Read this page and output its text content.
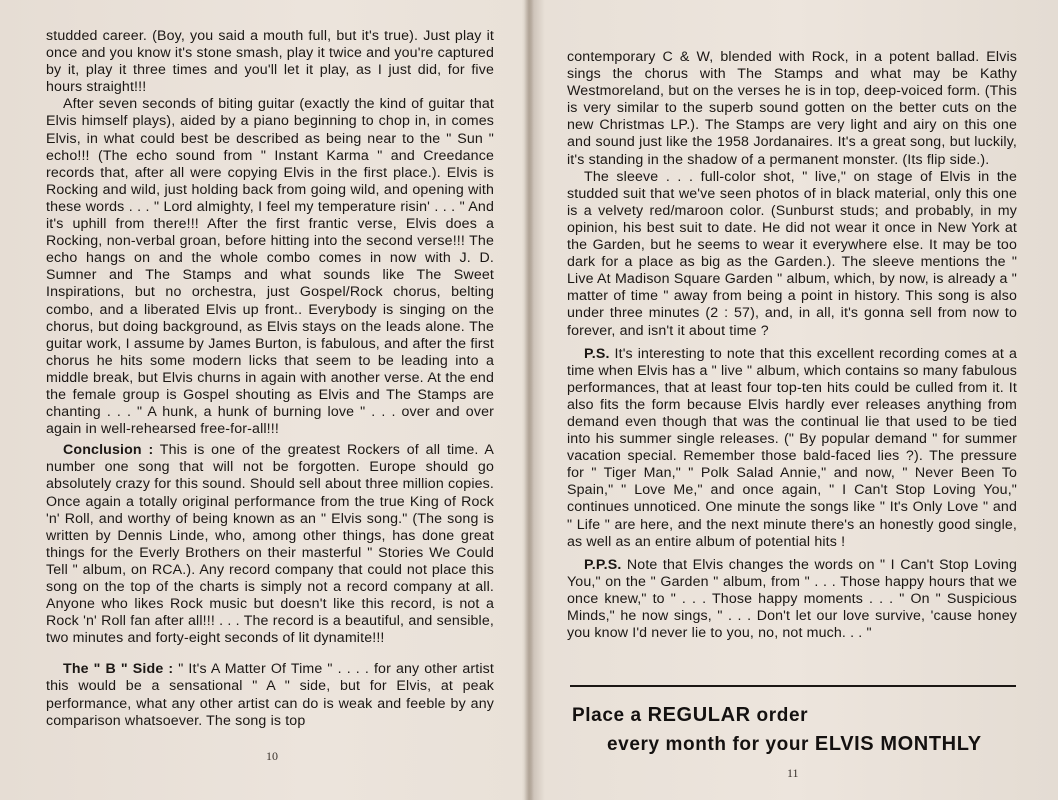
studded career. (Boy, you said a mouth full, but it's true). Just play it once and you know it's stone smash, play it twice and you're captured by it, play it three times and you'll let it play, as I just did, for five hours straight!!!

After seven seconds of biting guitar (exactly the kind of guitar that Elvis himself plays), aided by a piano beginning to chop in, in comes Elvis, in what could best be described as being near to the " Sun " echo!!! (The echo sound from " Instant Karma " and Creedance records that, after all were copying Elvis in the first place.). Elvis is Rocking and wild, just holding back from going wild, and opening with these words . . . " Lord almighty, I feel my temperature risin' . . . " And it's uphill from there!!! After the first frantic verse, Elvis does a Rocking, non-verbal groan, before hitting into the second verse!!! The echo hangs on and the whole combo comes in now with J. D. Sumner and The Stamps and what sounds like The Sweet Inspirations, but no orchestra, just Gospel/Rock chorus, belting combo, and a liberated Elvis up front.. Everybody is singing on the chorus, but doing background, as Elvis stays on the leads alone. The guitar work, I assume by James Burton, is fabulous, and after the first chorus he hits some modern licks that seem to be leading into a middle break, but Elvis churns in again with another verse. At the end the female group is Gospel shouting as Elvis and The Stamps are chanting . . . " A hunk, a hunk of burning love " . . . over and over again in well-rehearsed free-for-all!!!

Conclusion : This is one of the greatest Rockers of all time. A number one song that will not be forgotten. Europe should go absolutely crazy for this sound. Should sell about three million copies. Once again a totally original performance from the true King of Rock 'n' Roll, and worthy of being known as an " Elvis song." (The song is written by Dennis Linde, who, among other things, has done great things for the Everly Brothers on their masterful " Stories We Could Tell " album, on RCA.). Any record company that could not place this song on the top of the charts is simply not a record company at all. Anyone who likes Rock music but doesn't like this record, is not a Rock 'n' Roll fan after all!!! . . . The record is a beautiful, and sensible, two minutes and forty-eight seconds of lit dynamite!!!

The " B " Side : " It's A Matter Of Time " . . . . for any other artist this would be a sensational " A " side, but for Elvis, at peak performance, what any other artist can do is weak and feeble by any comparison whatsoever. The song is top

contemporary C & W, blended with Rock, in a potent ballad. Elvis sings the chorus with The Stamps and what may be Kathy Westmoreland, but on the verses he is in top, deep-voiced form. (This is very similar to the superb sound gotten on the better cuts on the new Christmas LP.). The Stamps are very light and airy on this one and sound just like the 1958 Jordanaires. It's a great song, but luckily, it's standing in the shadow of a permanent monster. (Its flip side.).

The sleeve . . . full-color shot, " live," on stage of Elvis in the studded suit that we've seen photos of in black material, only this one is a velvety red/maroon color. (Sunburst studs; and probably, in my opinion, his best suit to date. He did not wear it once in New York at the Garden, but he seems to wear it everywhere else. It may be too dark for a place as big as the Garden.). The sleeve mentions the " Live At Madison Square Garden " album, which, by now, is already a " matter of time " away from being a point in history. This song is also under three minutes (2 : 57), and, in all, it's gonna sell from now to forever, and isn't it about time ?

P.S. It's interesting to note that this excellent recording comes at a time when Elvis has a " live " album, which contains so many fabulous performances, that at least four top-ten hits could be culled from it. It also fits the form because Elvis hardly ever releases anything from demand even though that was the continual lie that used to be tied into his summer single releases. (" By popular demand " for summer vacation special. Remember those bald-faced lies ?). The pressure for " Tiger Man," " Polk Salad Annie," and now, " Never Been To Spain," " Love Me," and once again, " I Can't Stop Loving You," continues unnoticed. One minute the songs like " It's Only Love " and " Life " are here, and the next minute there's an honestly good single, as well as an entire album of potential hits !

P.P.S. Note that Elvis changes the words on " I Can't Stop Loving You," on the " Garden " album, from " . . . Those happy hours that we once knew," to " . . . Those happy moments . . . " On " Suspicious Minds," he now sings, " . . . Don't let our love survive, 'cause honey you know I'd never lie to you, no, not much. . . "

Place a REGULAR order
every month for your ELVIS MONTHLY
10
11
